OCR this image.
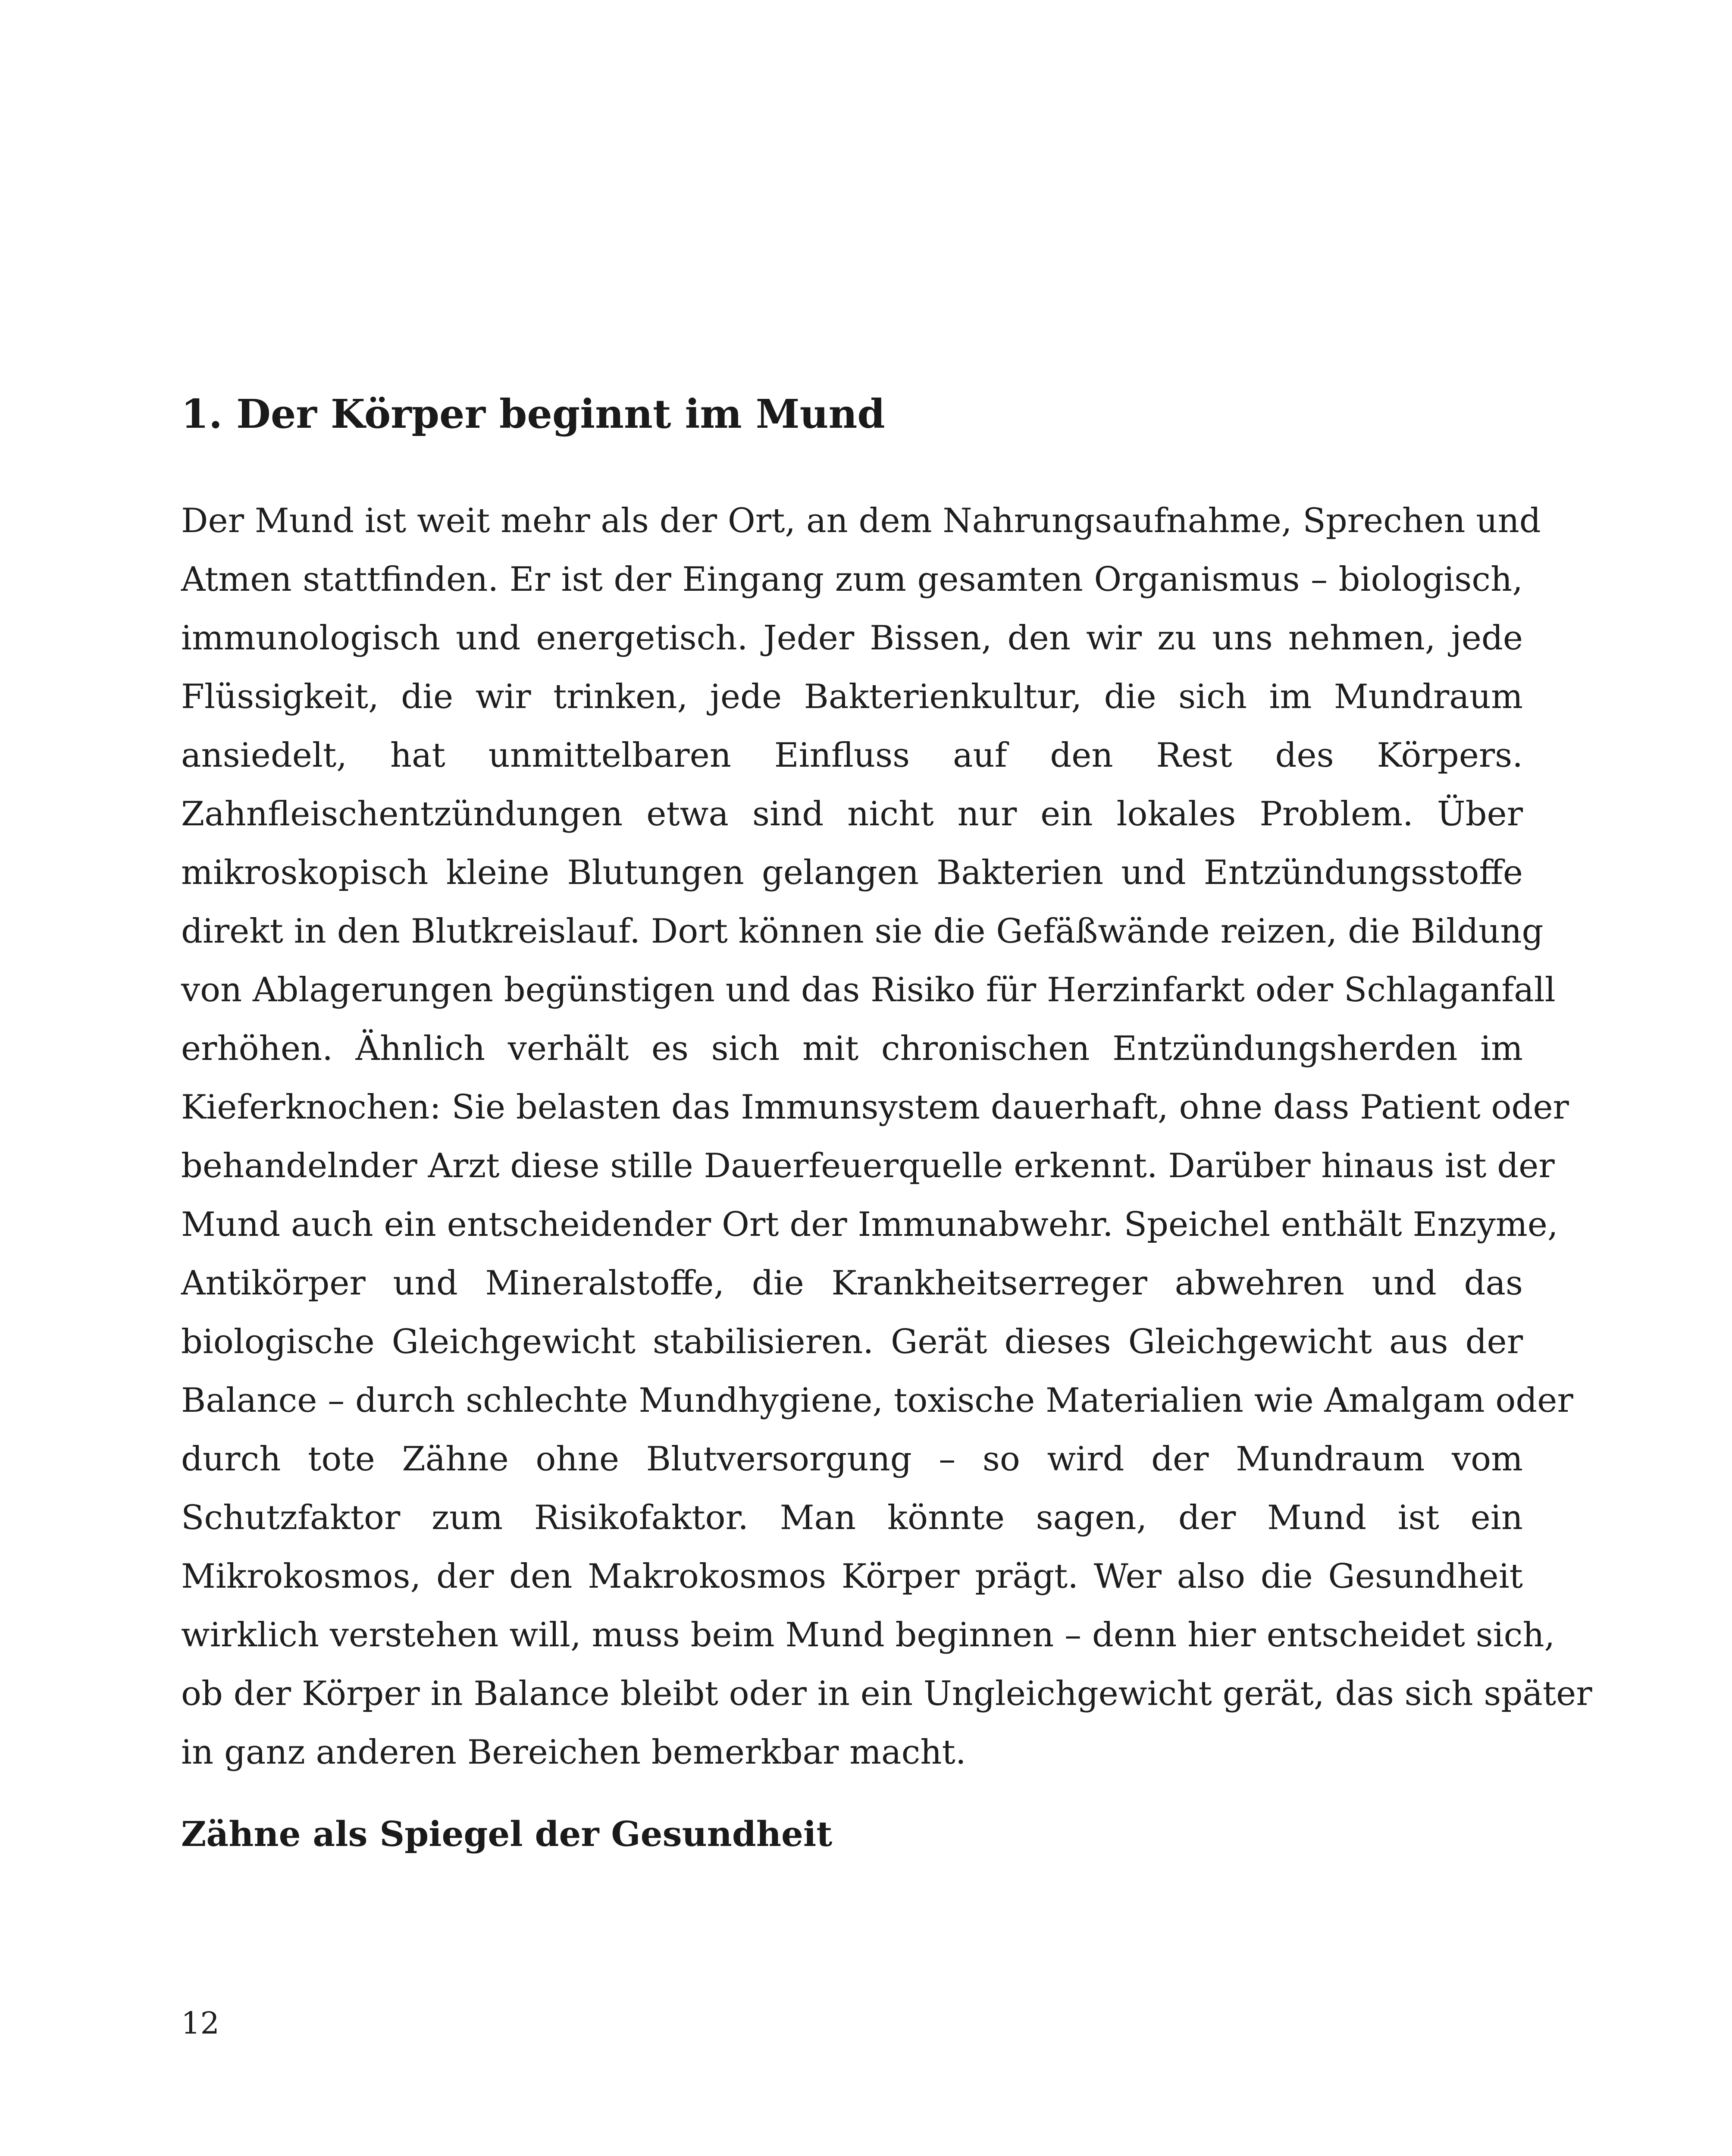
1. Der Körper beginnt im Mund
Der Mund ist weit mehr als der Ort, an dem Nahrungsaufnahme, Sprechen und
Atmen stattfinden. Er ist der Eingang zum gesamten Organismus – biologisch,
immunologisch und energetisch. Jeder Bissen, den wir zu uns nehmen, jede
Flüssigkeit, die wir trinken, jede Bakterienkultur, die sich im Mundraum
ansiedelt, hat unmittelbaren Einfluss auf den Rest des Körpers.
Zahnfleischentzündungen etwa sind nicht nur ein lokales Problem. Über
mikroskopisch kleine Blutungen gelangen Bakterien und Entzündungsstoffe
direkt in den Blutkreislauf. Dort können sie die Gefäßwände reizen, die Bildung
von Ablagerungen begünstigen und das Risiko für Herzinfarkt oder Schlaganfall
erhöhen. Ähnlich verhält es sich mit chronischen Entzündungsherden im
Kieferknochen: Sie belasten das Immunsystem dauerhaft, ohne dass Patient oder
behandelnder Arzt diese stille Dauerfeuerquelle erkennt. Darüber hinaus ist der
Mund auch ein entscheidender Ort der Immunabwehr. Speichel enthält Enzyme,
Antikörper und Mineralstoffe, die Krankheitserreger abwehren und das
biologische Gleichgewicht stabilisieren. Gerät dieses Gleichgewicht aus der
Balance – durch schlechte Mundhygiene, toxische Materialien wie Amalgam oder
durch tote Zähne ohne Blutversorgung – so wird der Mundraum vom
Schutzfaktor zum Risikofaktor. Man könnte sagen, der Mund ist ein
Mikrokosmos, der den Makrokosmos Körper prägt. Wer also die Gesundheit
wirklich verstehen will, muss beim Mund beginnen – denn hier entscheidet sich,
ob der Körper in Balance bleibt oder in ein Ungleichgewicht gerät, das sich später
in ganz anderen Bereichen bemerkbar macht.
Zähne als Spiegel der Gesundheit
12
